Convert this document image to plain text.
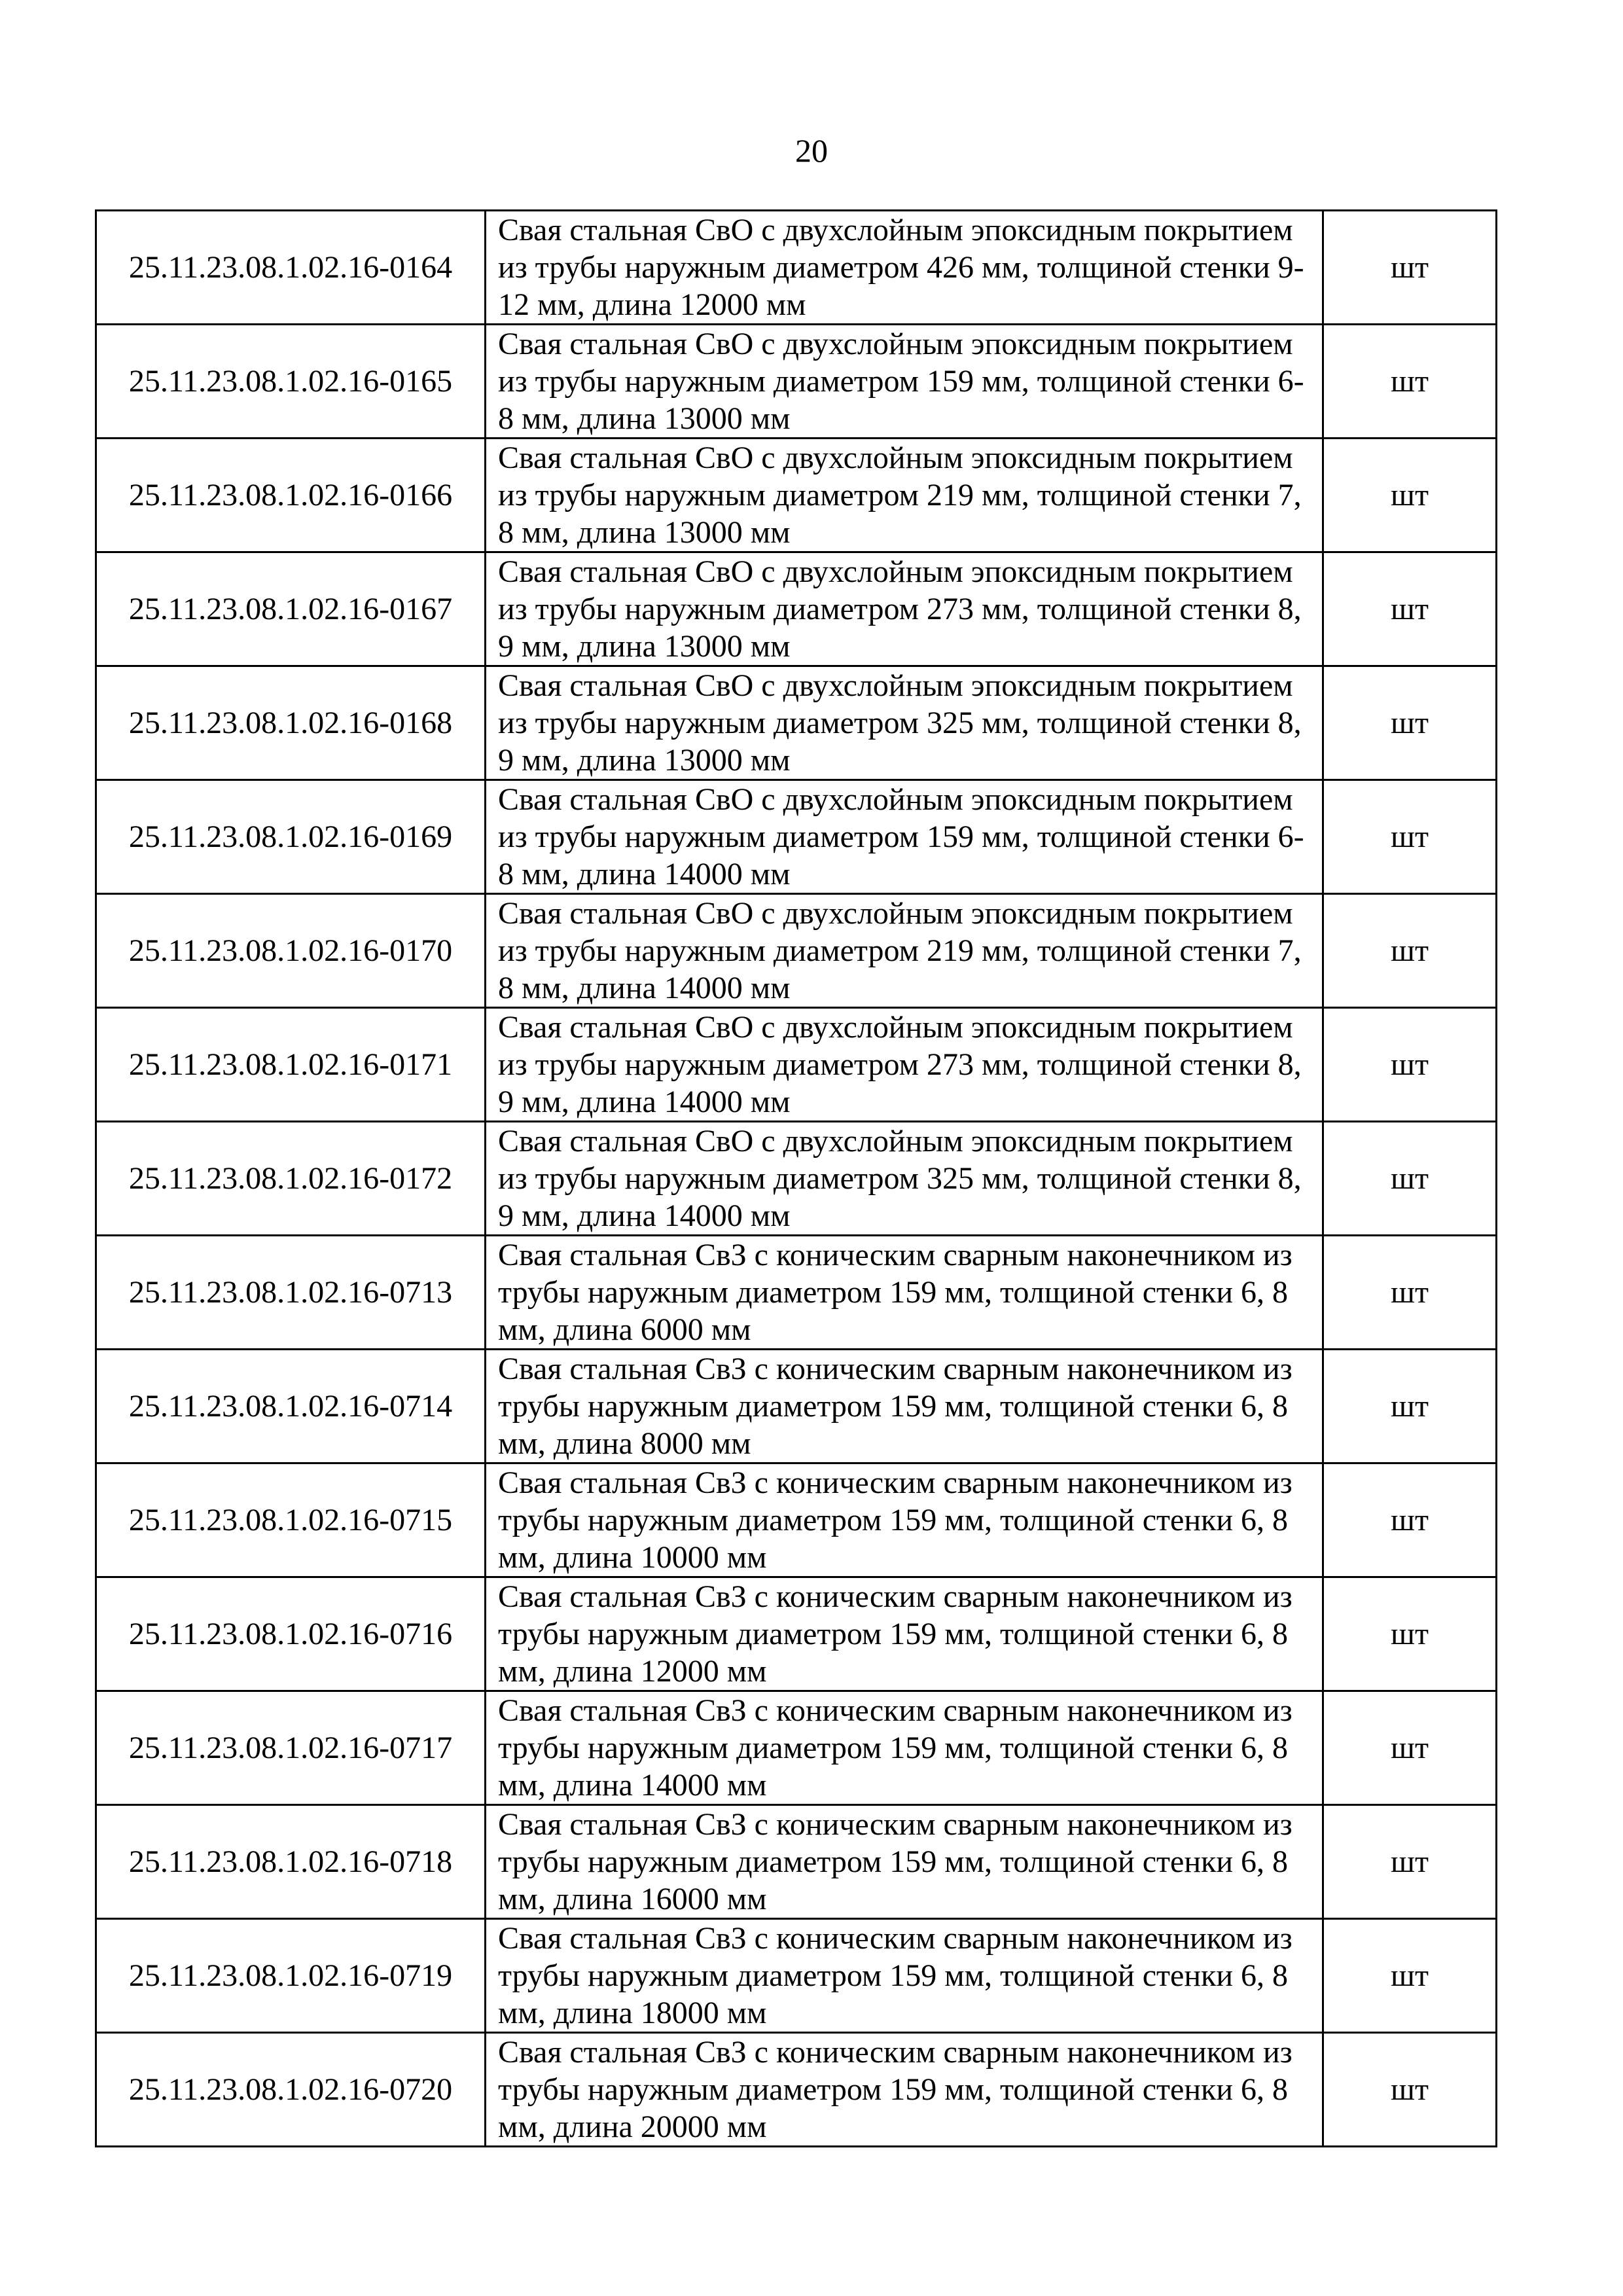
20
25.11.23.08.1.02.16-0164	Свая стальная СвО с двухслойным эпоксидным покрытием из трубы наружным диаметром 426 мм, толщиной стенки 9-12 мм, длина 12000 мм	шт
25.11.23.08.1.02.16-0165	Свая стальная СвО с двухслойным эпоксидным покрытием из трубы наружным диаметром 159 мм, толщиной стенки 6-8 мм, длина 13000 мм	шт
25.11.23.08.1.02.16-0166	Свая стальная СвО с двухслойным эпоксидным покрытием из трубы наружным диаметром 219 мм, толщиной стенки 7, 8 мм, длина 13000 мм	шт
25.11.23.08.1.02.16-0167	Свая стальная СвО с двухслойным эпоксидным покрытием из трубы наружным диаметром 273 мм, толщиной стенки 8, 9 мм, длина 13000 мм	шт
25.11.23.08.1.02.16-0168	Свая стальная СвО с двухслойным эпоксидным покрытием из трубы наружным диаметром 325 мм, толщиной стенки 8, 9 мм, длина 13000 мм	шт
25.11.23.08.1.02.16-0169	Свая стальная СвО с двухслойным эпоксидным покрытием из трубы наружным диаметром 159 мм, толщиной стенки 6-8 мм, длина 14000 мм	шт
25.11.23.08.1.02.16-0170	Свая стальная СвО с двухслойным эпоксидным покрытием из трубы наружным диаметром 219 мм, толщиной стенки 7, 8 мм, длина 14000 мм	шт
25.11.23.08.1.02.16-0171	Свая стальная СвО с двухслойным эпоксидным покрытием из трубы наружным диаметром 273 мм, толщиной стенки 8, 9 мм, длина 14000 мм	шт
25.11.23.08.1.02.16-0172	Свая стальная СвО с двухслойным эпоксидным покрытием из трубы наружным диаметром 325 мм, толщиной стенки 8, 9 мм, длина 14000 мм	шт
25.11.23.08.1.02.16-0713	Свая стальная СвЗ с коническим сварным наконечником из трубы наружным диаметром 159 мм, толщиной стенки 6, 8 мм, длина 6000 мм	шт
25.11.23.08.1.02.16-0714	Свая стальная СвЗ с коническим сварным наконечником из трубы наружным диаметром 159 мм, толщиной стенки 6, 8 мм, длина 8000 мм	шт
25.11.23.08.1.02.16-0715	Свая стальная СвЗ с коническим сварным наконечником из трубы наружным диаметром 159 мм, толщиной стенки 6, 8 мм, длина 10000 мм	шт
25.11.23.08.1.02.16-0716	Свая стальная СвЗ с коническим сварным наконечником из трубы наружным диаметром 159 мм, толщиной стенки 6, 8 мм, длина 12000 мм	шт
25.11.23.08.1.02.16-0717	Свая стальная СвЗ с коническим сварным наконечником из трубы наружным диаметром 159 мм, толщиной стенки 6, 8 мм, длина 14000 мм	шт
25.11.23.08.1.02.16-0718	Свая стальная СвЗ с коническим сварным наконечником из трубы наружным диаметром 159 мм, толщиной стенки 6, 8 мм, длина 16000 мм	шт
25.11.23.08.1.02.16-0719	Свая стальная СвЗ с коническим сварным наконечником из трубы наружным диаметром 159 мм, толщиной стенки 6, 8 мм, длина 18000 мм	шт
25.11.23.08.1.02.16-0720	Свая стальная СвЗ с коническим сварным наконечником из трубы наружным диаметром 159 мм, толщиной стенки 6, 8 мм, длина 20000 мм	шт
